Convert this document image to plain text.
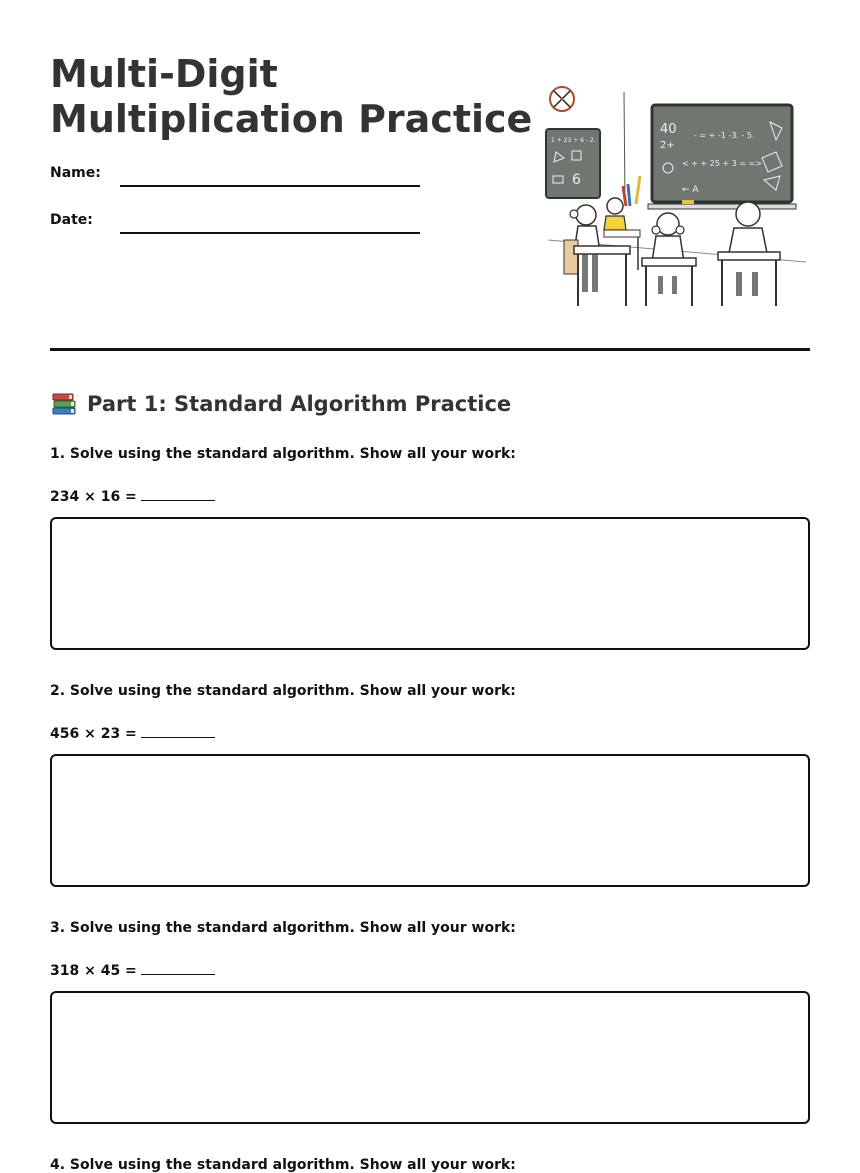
Multi-Digit
Multiplication Practice
Name:
Date:
1 + 23 ÷ 6 - 2.
6
40
2+
- = + -1 -3. - 5.
< + + 25 + 3 = =>
← A
Part 1: Standard Algorithm Practice
1. Solve using the standard algorithm. Show all your work:
234 × 16 =
2. Solve using the standard algorithm. Show all your work:
456 × 23 =
3. Solve using the standard algorithm. Show all your work:
318 × 45 =
4. Solve using the standard algorithm. Show all your work:
